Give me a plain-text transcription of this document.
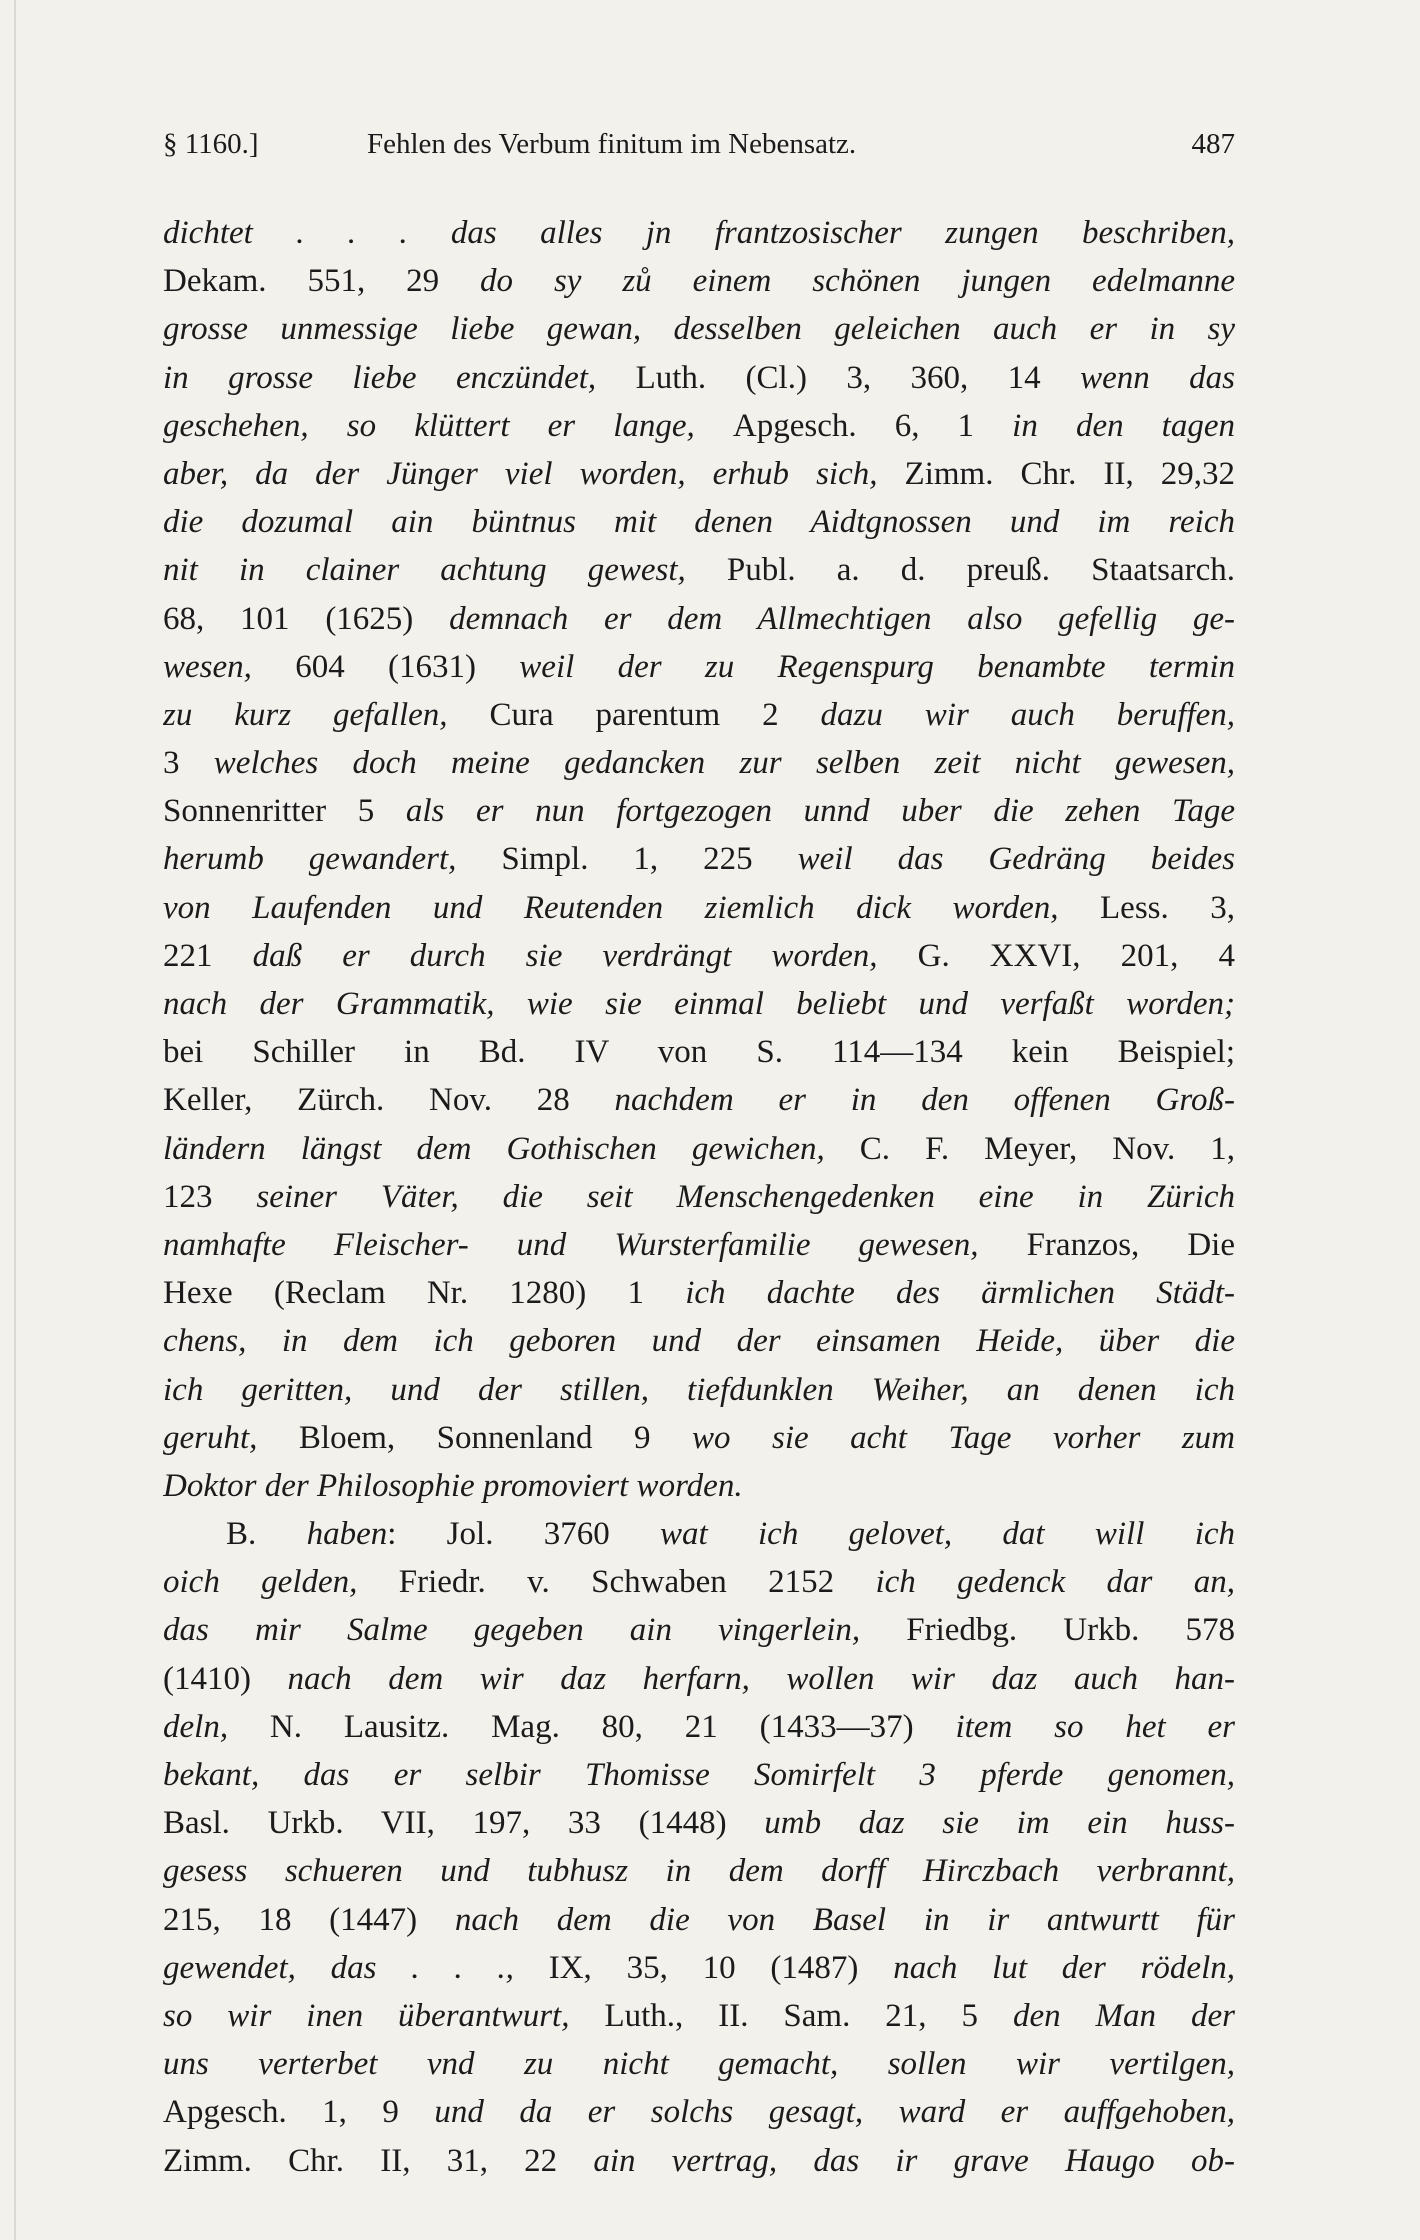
§ 1160.]	Fehlen des Verbum finitum im Nebensatz.	487
dichtet . . . das alles jn frantzosischer zungen beschriben,
Dekam. 551, 29 do sy zů einem schönen jungen edelmanne
grosse unmessige liebe gewan, desselben geleichen auch er in sy
in grosse liebe enczündet, Luth. (Cl.) 3, 360, 14 wenn das
geschehen, so klüttert er lange, Apgesch. 6, 1 in den tagen
aber, da der Jünger viel worden, erhub sich, Zimm. Chr. II, 29,32
die dozumal ain büntnus mit denen Aidtgnossen und im reich
nit in clainer achtung gewest, Publ. a. d. preuß. Staatsarch.
68, 101 (1625) demnach er dem Allmechtigen also gefellig ge-
wesen, 604 (1631) weil der zu Regenspurg benambte termin
zu kurz gefallen, Cura parentum 2 dazu wir auch beruffen,
3 welches doch meine gedancken zur selben zeit nicht gewesen,
Sonnenritter 5 als er nun fortgezogen unnd uber die zehen Tage
herumb gewandert, Simpl. 1, 225 weil das Gedräng beides
von Laufenden und Reutenden ziemlich dick worden, Less. 3,
221 daß er durch sie verdrängt worden, G. XXVI, 201, 4
nach der Grammatik, wie sie einmal beliebt und verfaßt worden;
bei Schiller in Bd. IV von S. 114—134 kein Beispiel;
Keller, Zürch. Nov. 28 nachdem er in den offenen Groß-
ländern längst dem Gothischen gewichen, C. F. Meyer, Nov. 1,
123 seiner Väter, die seit Menschengedenken eine in Zürich
namhafte Fleischer- und Wursterfamilie gewesen, Franzos, Die
Hexe (Reclam Nr. 1280) 1 ich dachte des ärmlichen Städt-
chens, in dem ich geboren und der einsamen Heide, über die
ich geritten, und der stillen, tiefdunklen Weiher, an denen ich
geruht, Bloem, Sonnenland 9 wo sie acht Tage vorher zum
Doktor der Philosophie promoviert worden.
B. haben: Jol. 3760 wat ich gelovet, dat will ich
oich gelden, Friedr. v. Schwaben 2152 ich gedenck dar an,
das mir Salme gegeben ain vingerlein, Friedbg. Urkb. 578
(1410) nach dem wir daz herfarn, wollen wir daz auch han-
deln, N. Lausitz. Mag. 80, 21 (1433—37) item so het er
bekant, das er selbir Thomisse Somirfelt 3 pferde genomen,
Basl. Urkb. VII, 197, 33 (1448) umb daz sie im ein huss-
gesess schueren und tubhusz in dem dorff Hirczbach verbrannt,
215, 18 (1447) nach dem die von Basel in ir antwurtt für
gewendet, das . . ., IX, 35, 10 (1487) nach lut der rödeln,
so wir inen überantwurt, Luth., II. Sam. 21, 5 den Man der
uns verterbet vnd zu nicht gemacht, sollen wir vertilgen,
Apgesch. 1, 9 und da er solchs gesagt, ward er auffgehoben,
Zimm. Chr. II, 31, 22 ain vertrag, das ir grave Haugo ob-
